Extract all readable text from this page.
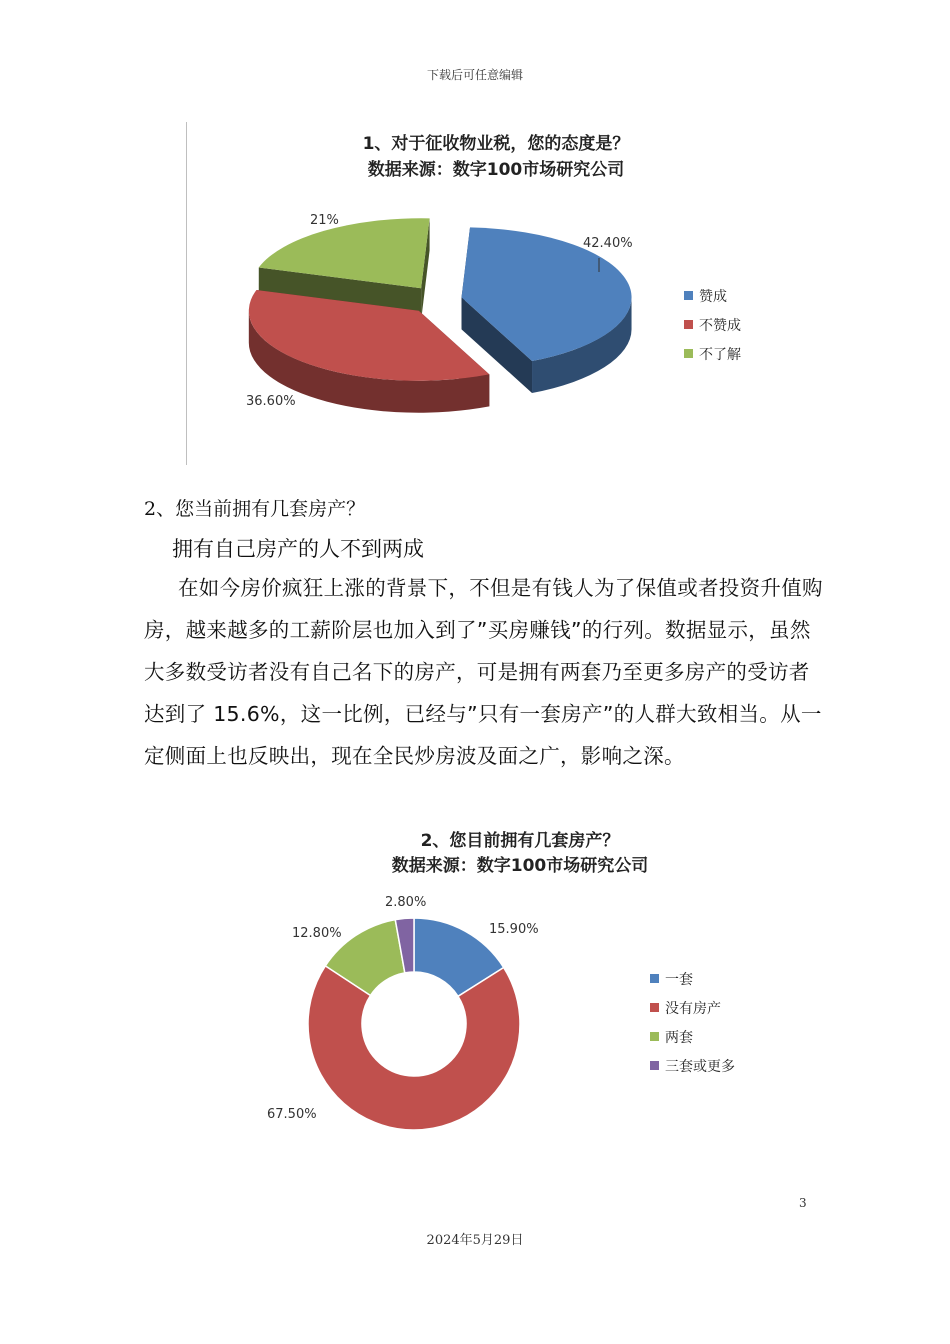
下载后可任意编辑
1、对于征收物业税，您的态度是？
数据来源：数字100市场研究公司
42.40%
36.60%
21%
赞成
不赞成
不了解
2、您当前拥有几套房产？
拥有自己房产的人不到两成

在如今房价疯狂上涨的背景下，不但是有钱人为了保值或者投资升值购房，越来越多的工薪阶层也加入到了”买房赚钱”的行列。数据显示，虽然大多数受访者没有自己名下的房产，可是拥有两套乃至更多房产的受访者达到了 15.6%，这一比例，已经与”只有一套房产”的人群大致相当。从一定侧面上也反映出，现在全民炒房波及面之广，影响之深。

2、您目前拥有几套房产？
数据来源：数字100市场研究公司
15.90%
67.50%
12.80%
2.80%
一套
没有房产
两套
三套或更多
3
2024年5月29日
